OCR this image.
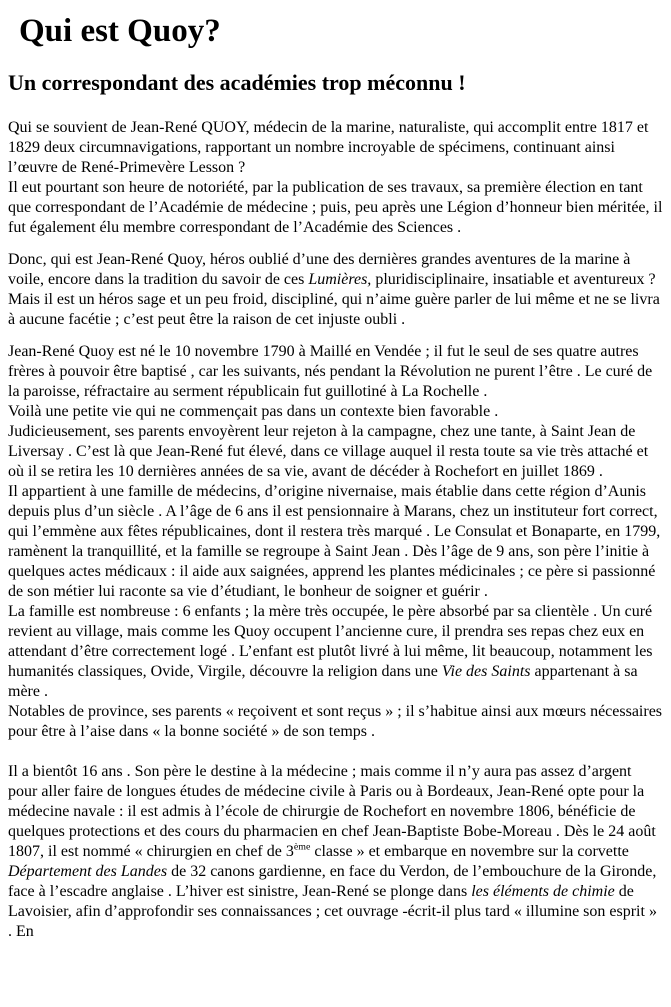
Qui est Quoy?
Un correspondant des académies trop méconnu !
Qui se souvient de Jean-René QUOY, médecin de la marine, naturaliste, qui accomplit entre 1817 et 1829 deux circumnavigations, rapportant un nombre incroyable de spécimens, continuant ainsi l’œuvre de René-Primevère Lesson ?
Il eut pourtant son heure de notoriété, par la publication de ses travaux, sa première élection en tant que correspondant de l’Académie de médecine ; puis, peu après une Légion d’honneur bien méritée, il fut également élu membre correspondant de l’Académie des Sciences .
Donc, qui est Jean-René Quoy, héros oublié d’une des dernières grandes aventures de la marine à voile, encore dans la tradition du savoir de ces Lumières, pluridisciplinaire, insatiable et aventureux ?
Mais il est un héros sage et un peu froid, discipliné, qui n’aime guère parler de lui même et ne se livra à aucune facétie ; c’est peut être la raison de cet injuste oubli .
Jean-René Quoy est né le 10 novembre 1790 à Maillé en Vendée ; il fut le seul de ses quatre autres frères à pouvoir être baptisé , car les suivants, nés pendant la Révolution ne purent l’être . Le curé de la paroisse, réfractaire au serment républicain fut guillotiné à La Rochelle .
Voilà une petite vie qui ne commençait pas dans un contexte bien favorable .
Judicieusement, ses parents envoyèrent leur rejeton à la campagne, chez une tante, à Saint Jean de Liversay . C’est là que Jean-René fut élevé, dans ce village auquel il resta toute sa vie très attaché et où il se retira les 10 dernières années de sa vie, avant de décéder à Rochefort en juillet 1869 .
Il appartient à une famille de médecins, d’origine nivernaise, mais établie dans cette région d’Aunis depuis plus d’un siècle . A l’âge de 6 ans il est pensionnaire à Marans, chez un instituteur fort correct, qui l’emmène aux fêtes républicaines, dont il restera très marqué . Le Consulat et Bonaparte, en 1799, ramènent la tranquillité, et la famille se regroupe à Saint Jean . Dès l’âge de 9 ans, son père l’initie à quelques actes médicaux : il aide aux saignées, apprend les plantes médicinales ; ce père si passionné de son métier lui raconte sa vie d’étudiant, le bonheur de soigner et guérir .
La famille est nombreuse : 6 enfants ; la mère très occupée, le père absorbé par sa clientèle . Un curé revient au village, mais comme les Quoy occupent l’ancienne cure, il prendra ses repas chez eux en attendant d’être correctement logé . L’enfant est plutôt livré à lui même, lit beaucoup, notamment les humanités classiques, Ovide, Virgile, découvre la religion dans une Vie des Saints appartenant à sa mère .
Notables de province, ses parents « reçoivent et sont reçus » ; il s’habitue ainsi aux mœurs nécessaires pour être à l’aise dans « la bonne société » de son temps .
Il a bientôt 16 ans . Son père le destine à la médecine ; mais comme il n’y aura pas assez d’argent pour aller faire de longues études de médecine civile à Paris ou à Bordeaux, Jean-René opte pour la médecine navale : il est admis à l’école de chirurgie de Rochefort en novembre 1806, bénéficie de quelques protections et des cours du pharmacien en chef Jean-Baptiste Bobe-Moreau . Dès le 24 août 1807, il est nommé « chirurgien en chef de 3ème classe » et embarque en novembre sur la corvette Département des Landes de 32 canons gardienne, en face du Verdon, de l’embouchure de la Gironde, face à l’escadre anglaise . L’hiver est sinistre, Jean-René se plonge dans les éléments de chimie de Lavoisier, afin d’approfondir ses connaissances ; cet ouvrage -écrit-il plus tard « illumine son esprit » . En
